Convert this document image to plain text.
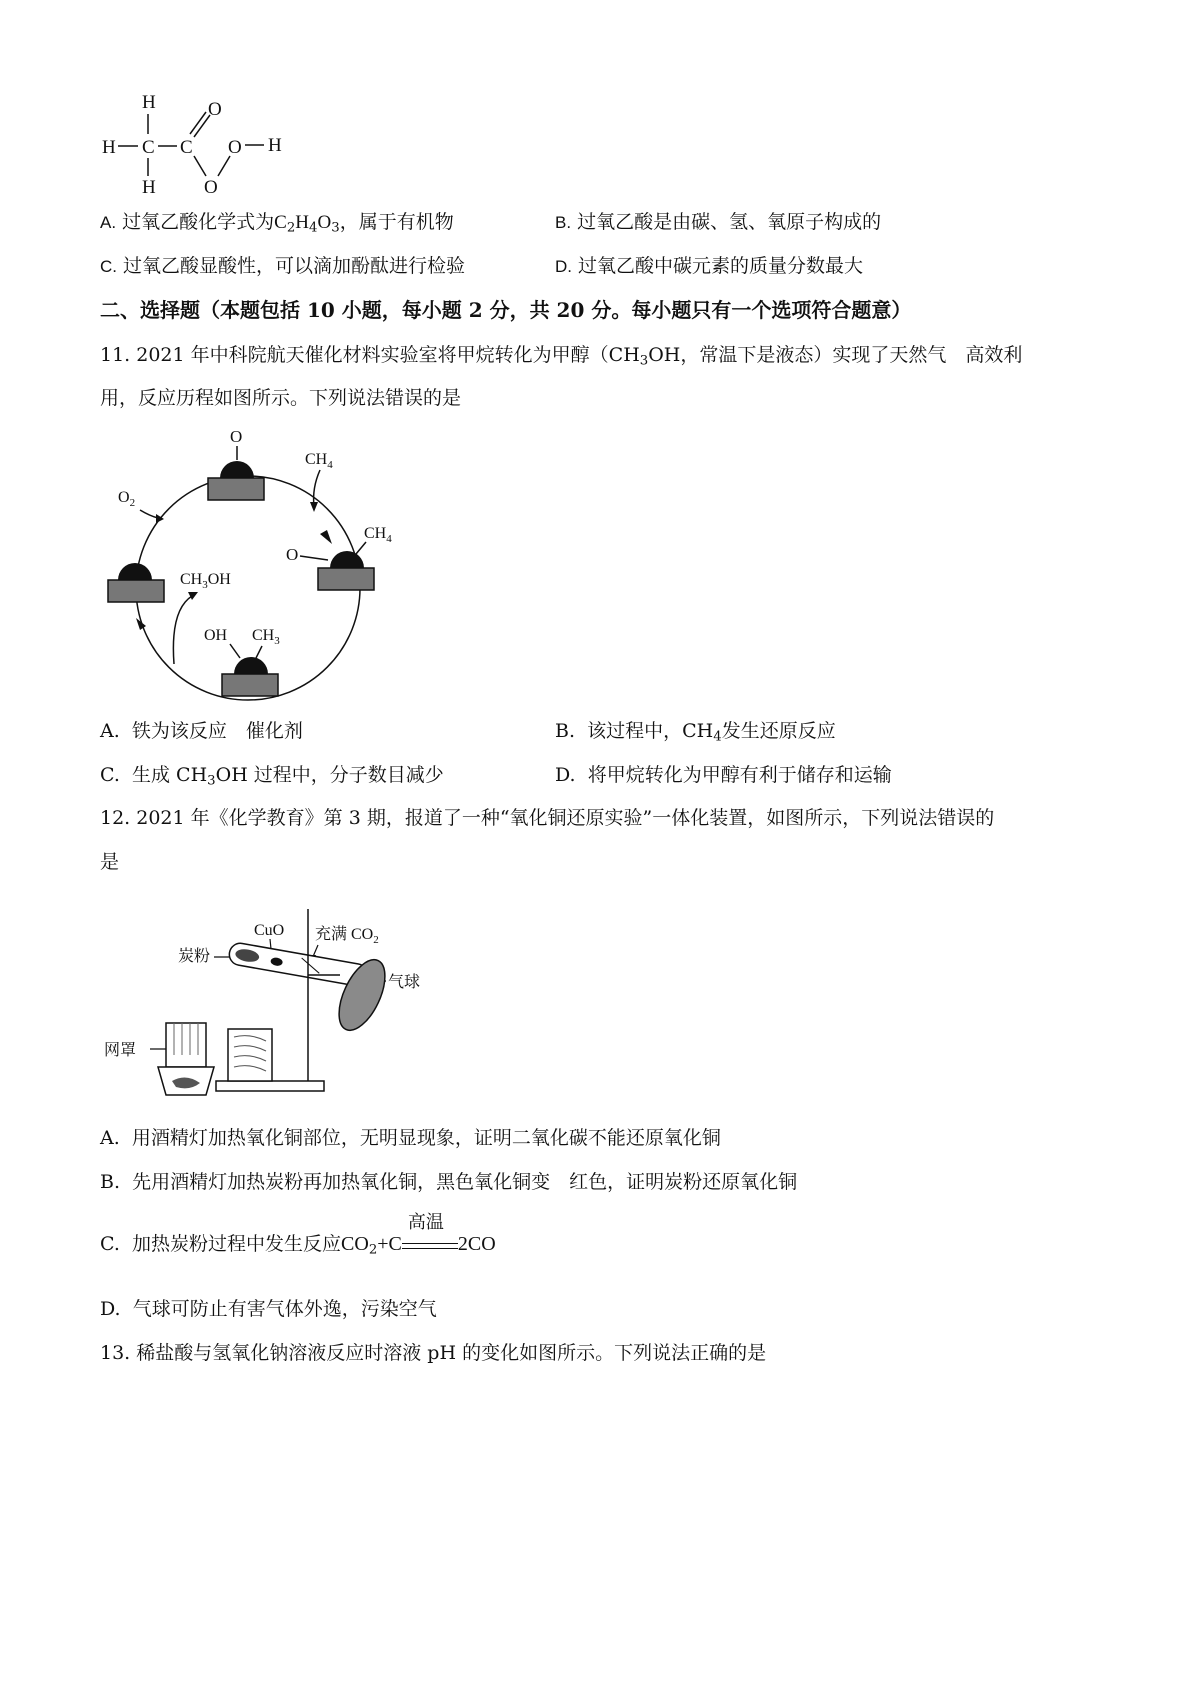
H
H C C
O
O H
O
H
A. 过氧乙酸化学式为$C_2H_4O_3$，属于有机物	B. 过氧乙酸是由碳、氢、氧原子构成的
C. 过氧乙酸显酸性，可以滴加酚酞进行检验	D. 过氧乙酸中碳元素的质量分数最大
二、选择题（本题包括 10 小题，每小题 2 分，共 20 分。每小题只有一个选项符合题意）
11. 2021 年中科院航天催化材料实验室将甲烷转化为甲醇（$CH_3OH$，常温下是液态）实现了天然气　高效利
用，反应历程如图所示。下列说法错误的是
O
$CH_4$
$O_2$
$CH_4$
O
$CH_3OH$
OH $CH_3$
A. 铁为该反应　催化剂	B. 该过程中，$CH_4$发生还原反应
C. 生成 $CH_3OH$ 过程中，分子数目减少	D. 将甲烷转化为甲醇有利于储存和运输
12. 2021 年《化学教育》第 3 期，报道了一种“氧化铜还原实验”一体化装置，如图所示，下列说法错误的
是
CuO 充满 $CO_2$
炭粉
气球
网罩
A. 用酒精灯加热氧化铜部位，无明显现象，证明二氧化碳不能还原氧化铜
B. 先用酒精灯加热炭粉再加热氧化铜，黑色氧化铜变　红色，证明炭粉还原氧化铜
C. 加热炭粉过程中发生反应$CO_2+C$
高温
2CO
D. 气球可防止有害气体外逸，污染空气
13. 稀盐酸与氢氧化钠溶液反应时溶液 pH 的变化如图所示。下列说法正确的是
